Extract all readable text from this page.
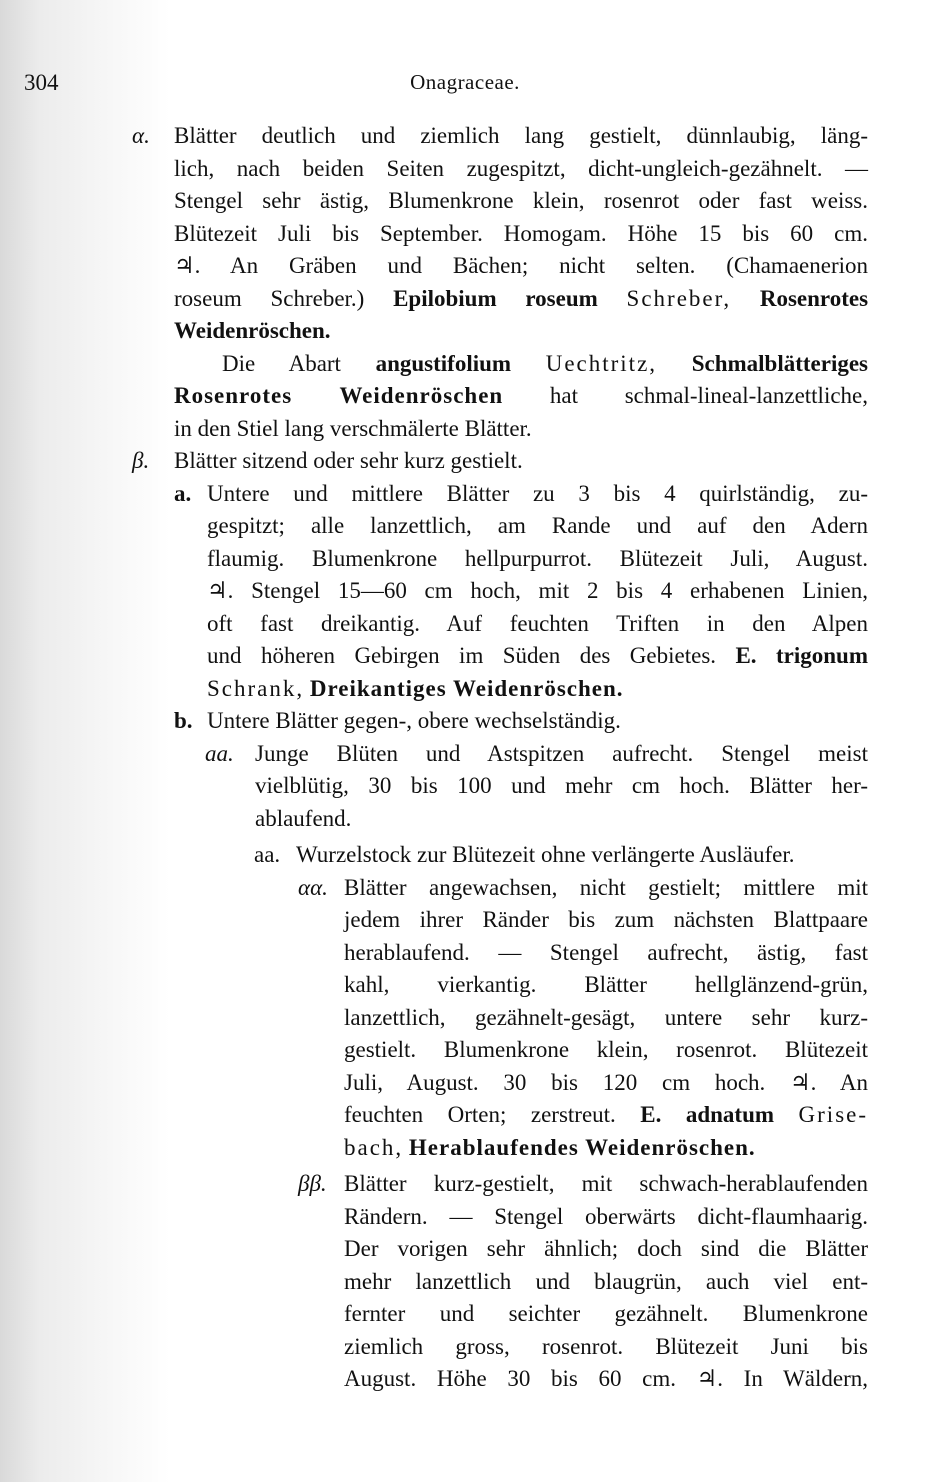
304	Onagraceae.
α. Blätter deutlich und ziemlich lang gestielt, dünnlaubig, läng-
lich, nach beiden Seiten zugespitzt, dicht-ungleich-gezähnelt. —
Stengel sehr ästig, Blumenkrone klein, rosenrot oder fast weiss.
Blütezeit Juli bis September. Homogam. Höhe 15 bis 60 cm.
♃. An Gräben und Bächen; nicht selten. (Chamaenerion
roseum Schreber.) Epilobium roseum Schreber, Rosenrotes
Weidenröschen.
Die Abart angustifolium Uechtritz, Schmalblätteriges
Rosenrotes Weidenröschen hat schmal-lineal-lanzettliche,
in den Stiel lang verschmälerte Blätter.
β. Blätter sitzend oder sehr kurz gestielt.
a. Untere und mittlere Blätter zu 3 bis 4 quirlständig, zu-
gespitzt; alle lanzettlich, am Rande und auf den Adern
flaumig. Blumenkrone hellpurpurrot. Blütezeit Juli, August.
♃. Stengel 15—60 cm hoch, mit 2 bis 4 erhabenen Linien,
oft fast dreikantig. Auf feuchten Triften in den Alpen
und höheren Gebirgen im Süden des Gebietes. E. trigonum
Schrank, Dreikantiges Weidenröschen.
b. Untere Blätter gegen-, obere wechselständig.
aa. Junge Blüten und Astspitzen aufrecht. Stengel meist
vielblütig, 30 bis 100 und mehr cm hoch. Blätter her-
ablaufend.
aa. Wurzelstock zur Blütezeit ohne verlängerte Ausläufer.
αα. Blätter angewachsen, nicht gestielt; mittlere mit
jedem ihrer Ränder bis zum nächsten Blattpaare
herablaufend. — Stengel aufrecht, ästig, fast
kahl, vierkantig. Blätter hellglänzend-grün,
lanzettlich, gezähnelt-gesägt, untere sehr kurz-
gestielt. Blumenkrone klein, rosenrot. Blütezeit
Juli, August. 30 bis 120 cm hoch. ♃. An
feuchten Orten; zerstreut. E. adnatum Grise-
bach, Herablaufendes Weidenröschen.
ββ. Blätter kurz-gestielt, mit schwach-herablaufenden
Rändern. — Stengel oberwärts dicht-flaumhaarig.
Der vorigen sehr ähnlich; doch sind die Blätter
mehr lanzettlich und blaugrün, auch viel ent-
fernter und seichter gezähnelt. Blumenkrone
ziemlich gross, rosenrot. Blütezeit Juni bis
August. Höhe 30 bis 60 cm. ♃. In Wäldern,
